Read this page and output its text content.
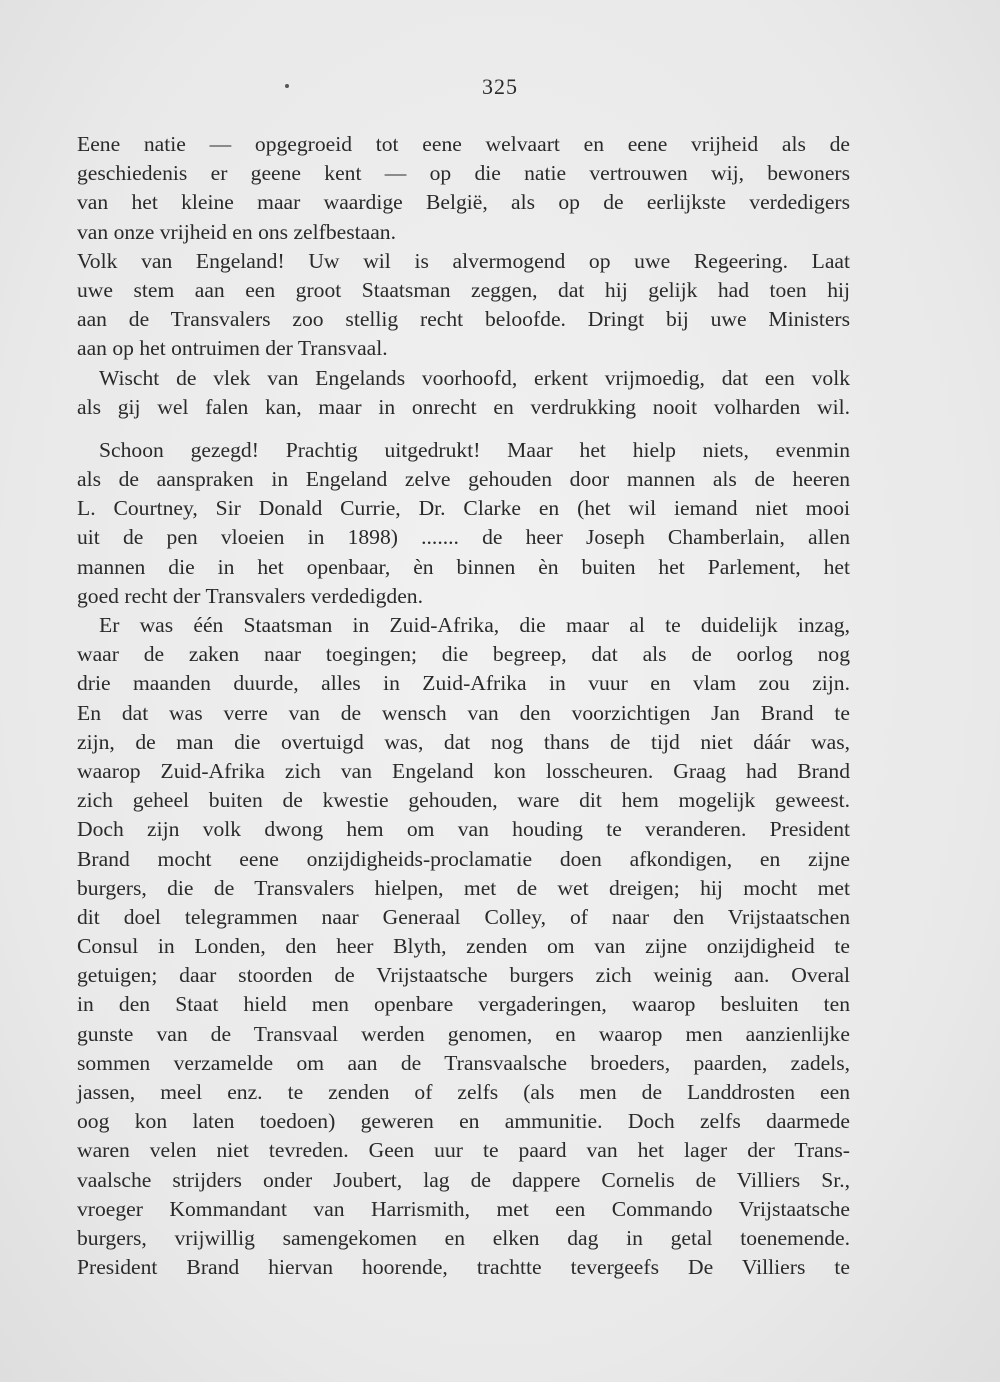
325
Eene natie — opgegroeid tot eene welvaart en eene vrijheid als de
geschiedenis er geene kent — op die natie vertrouwen wij, bewoners
van het kleine maar waardige België, als op de eerlijkste verdedigers
van onze vrijheid en ons zelfbestaan.
Volk van Engeland! Uw wil is alvermogend op uwe Regeering. Laat
uwe stem aan een groot Staatsman zeggen, dat hij gelijk had toen hij
aan de Transvalers zoo stellig recht beloofde. Dringt bij uwe Ministers
aan op het ontruimen der Transvaal.
Wischt de vlek van Engelands voorhoofd, erkent vrijmoedig, dat een volk
als gij wel falen kan, maar in onrecht en verdrukking nooit volharden wil.
Schoon gezegd! Prachtig uitgedrukt! Maar het hielp niets, evenmin
als de aanspraken in Engeland zelve gehouden door mannen als de heeren
L. Courtney, Sir Donald Currie, Dr. Clarke en (het wil iemand niet mooi
uit de pen vloeien in 1898) ....... de heer Joseph Chamberlain, allen
mannen die in het openbaar, èn binnen èn buiten het Parlement, het
goed recht der Transvalers verdedigden.
Er was één Staatsman in Zuid-Afrika, die maar al te duidelijk inzag,
waar de zaken naar toegingen; die begreep, dat als de oorlog nog
drie maanden duurde, alles in Zuid-Afrika in vuur en vlam zou zijn.
En dat was verre van de wensch van den voorzichtigen Jan Brand te
zijn, de man die overtuigd was, dat nog thans de tijd niet dáár was,
waarop Zuid-Afrika zich van Engeland kon losscheuren. Graag had Brand
zich geheel buiten de kwestie gehouden, ware dit hem mogelijk geweest.
Doch zijn volk dwong hem om van houding te veranderen. President
Brand mocht eene onzijdigheids-proclamatie doen afkondigen, en zijne
burgers, die de Transvalers hielpen, met de wet dreigen; hij mocht met
dit doel telegrammen naar Generaal Colley, of naar den Vrijstaatschen
Consul in Londen, den heer Blyth, zenden om van zijne onzijdigheid te
getuigen; daar stoorden de Vrijstaatsche burgers zich weinig aan. Overal
in den Staat hield men openbare vergaderingen, waarop besluiten ten
gunste van de Transvaal werden genomen, en waarop men aanzienlijke
sommen verzamelde om aan de Transvaalsche broeders, paarden, zadels,
jassen, meel enz. te zenden of zelfs (als men de Landdrosten een
oog kon laten toedoen) geweren en ammunitie. Doch zelfs daarmede
waren velen niet tevreden. Geen uur te paard van het lager der Trans-
vaalsche strijders onder Joubert, lag de dappere Cornelis de Villiers Sr.,
vroeger Kommandant van Harrismith, met een Commando Vrijstaatsche
burgers, vrijwillig samengekomen en elken dag in getal toenemende.
President Brand hiervan hoorende, trachtte tevergeefs De Villiers te
